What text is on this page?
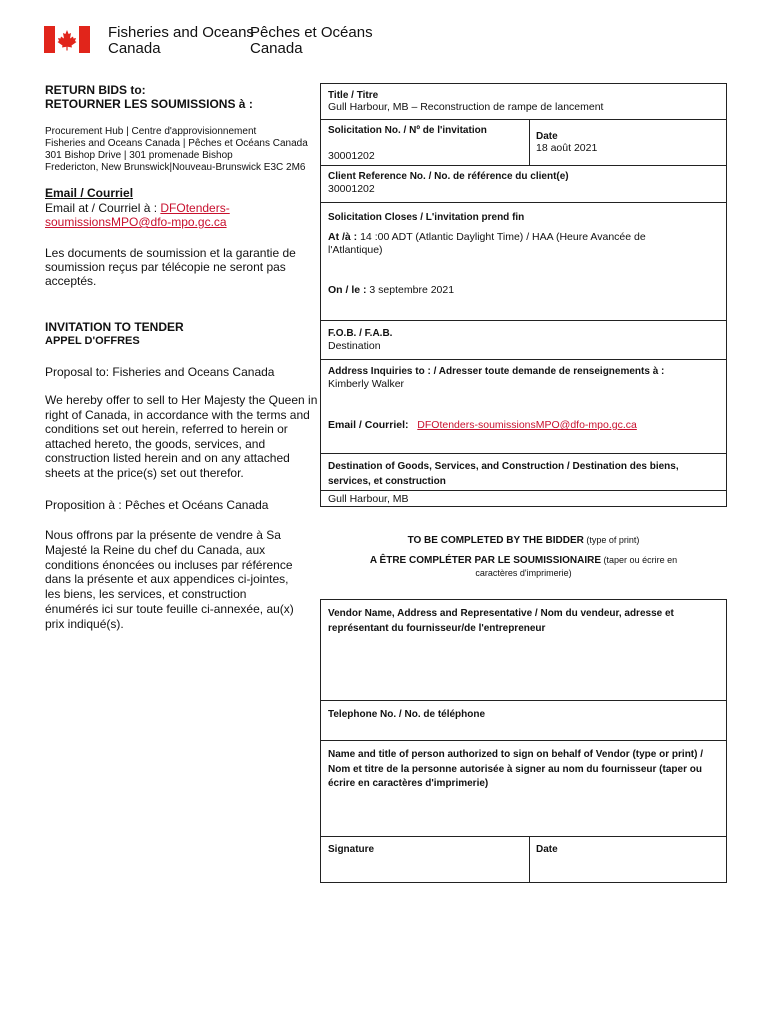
Fisheries and Oceans
Canada
Pêches et Océans
Canada
RETURN BIDS to:
RETOURNER LES SOUMISSIONS à :
Procurement Hub | Centre d'approvisionnement
Fisheries and Oceans Canada | Pêches et Océans Canada
301 Bishop Drive | 301 promenade Bishop
Fredericton, New Brunswick|Nouveau-Brunswick E3C 2M6
Email / Courriel
Email at / Courriel à : DFOtenders-
soumissionsMPO@dfo-mpo.gc.ca
Les documents de soumission et la garantie de soumission reçus par télécopie ne seront pas acceptés.
INVITATION TO TENDER
APPEL D'OFFRES
Proposal to: Fisheries and Oceans Canada
We hereby offer to sell to Her Majesty the Queen in right of Canada, in accordance with the terms and conditions set out herein, referred to herein or attached hereto, the goods, services, and construction listed herein and on any attached sheets at the price(s) set out therefor.
Proposition à : Pêches et Océans Canada
Nous offrons par la présente de vendre à Sa Majesté la Reine du chef du Canada, aux conditions énoncées ou incluses par référence dans la présente et aux appendices ci-jointes, les biens, les services, et construction énumérés ici sur toute feuille ci-annexée, au(x) prix indiqué(s).
Title / Titre
Gull Harbour, MB – Reconstruction de rampe de lancement
Solicitation No. / Nº de l'invitation
30001202
Date
18 août 2021
Client Reference No. / No. de référence du client(e)
30001202
Solicitation Closes / L'invitation prend fin
At /à : 14 :00 ADT (Atlantic Daylight Time) / HAA (Heure Avancée de l'Atlantique)
On / le : 3 septembre 2021
F.O.B. / F.A.B.
Destination
Address Inquiries to : / Adresser toute demande de renseignements à :
Kimberly Walker
Email / Courriel: DFOtenders-soumissionsMPO@dfo-mpo.gc.ca
Destination of Goods, Services, and Construction / Destination des biens, services, et construction
Gull Harbour, MB
TO BE COMPLETED BY THE BIDDER (type of print)
A ÊTRE COMPLÉTER PAR LE SOUMISSIONAIRE (taper ou écrire en
caractères d'imprimerie)
Vendor Name, Address and Representative / Nom du vendeur, adresse et représentant du fournisseur/de l'entrepreneur
Telephone No. / No. de téléphone
Name and title of person authorized to sign on behalf of Vendor (type or print) / Nom et titre de la personne autorisée à signer au nom du fournisseur (taper ou écrire en caractères d'imprimerie)
Signature	Date
